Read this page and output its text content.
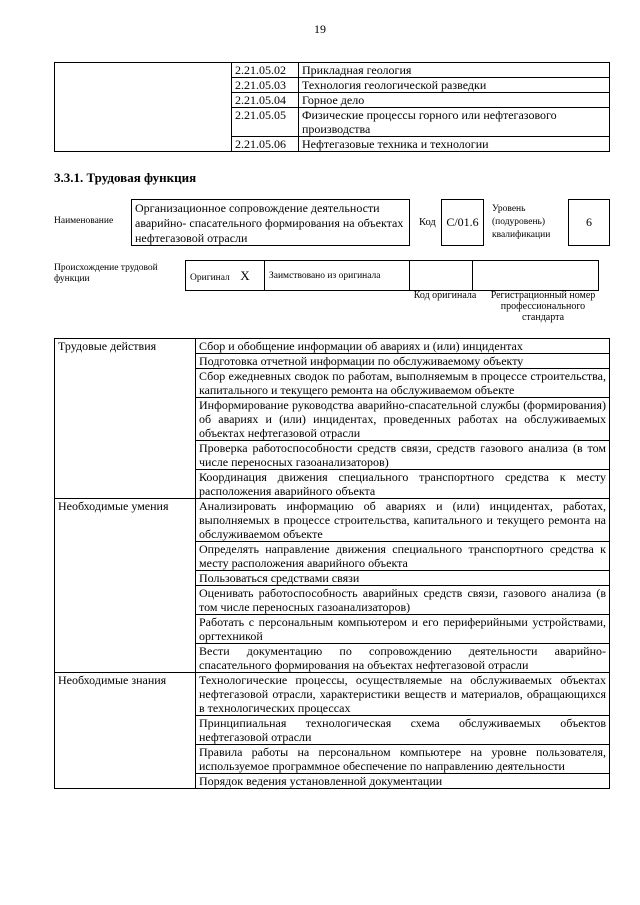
19
	2.21.05.02	Прикладная геология
	2.21.05.03	Технология геологической разведки
	2.21.05.04	Горное дело
	2.21.05.05	Физические процессы горного или нефтегазового производства
	2.21.05.06	Нефтегазовые техника и технологии
3.3.1. Трудовая функция
Наименование
Организационное сопровождение деятельности аварийно- спасательного формирования на объектах нефтегазовой отрасли
Код С/01.6
Уровень (подуровень) квалификации
6
Происхождение трудовой функции	Оригинал X	Заимствовано из оригинала		
Код оригинала	Регистрационный номер профессионального стандарта
Трудовые действия	Сбор и обобщение информации об авариях и (или) инцидентах
	Подготовка отчетной информации по обслуживаемому объекту
	Сбор ежедневных сводок по работам, выполняемым в процессе строительства, капитального и текущего ремонта на обслуживаемом объекте
	Информирование руководства аварийно-спасательной службы (формирования) об авариях и (или) инцидентах, проведенных работах на обслуживаемых объектах нефтегазовой отрасли
	Проверка работоспособности средств связи, средств газового анализа (в том числе переносных газоанализаторов)
	Координация движения специального транспортного средства к месту расположения аварийного объекта
Необходимые умения	Анализировать информацию об авариях и (или) инцидентах, работах, выполняемых в процессе строительства, капитального и текущего ремонта на обслуживаемом объекте
	Определять направление движения специального транспортного средства к месту расположения аварийного объекта
	Пользоваться средствами связи
	Оценивать работоспособность аварийных средств связи, газового анализа (в том числе переносных газоанализаторов)
	Работать с персональным компьютером и его периферийными устройствами, оргтехникой
	Вести документацию по сопровождению деятельности аварийно-спасательного формирования на объектах нефтегазовой отрасли
Необходимые знания	Технологические процессы, осуществляемые на обслуживаемых объектах нефтегазовой отрасли, характеристики веществ и материалов, обращающихся в технологических процессах
	Принципиальная технологическая схема обслуживаемых объектов нефтегазовой отрасли
	Правила работы на персональном компьютере на уровне пользователя, используемое программное обеспечение по направлению деятельности
	Порядок ведения установленной документации
